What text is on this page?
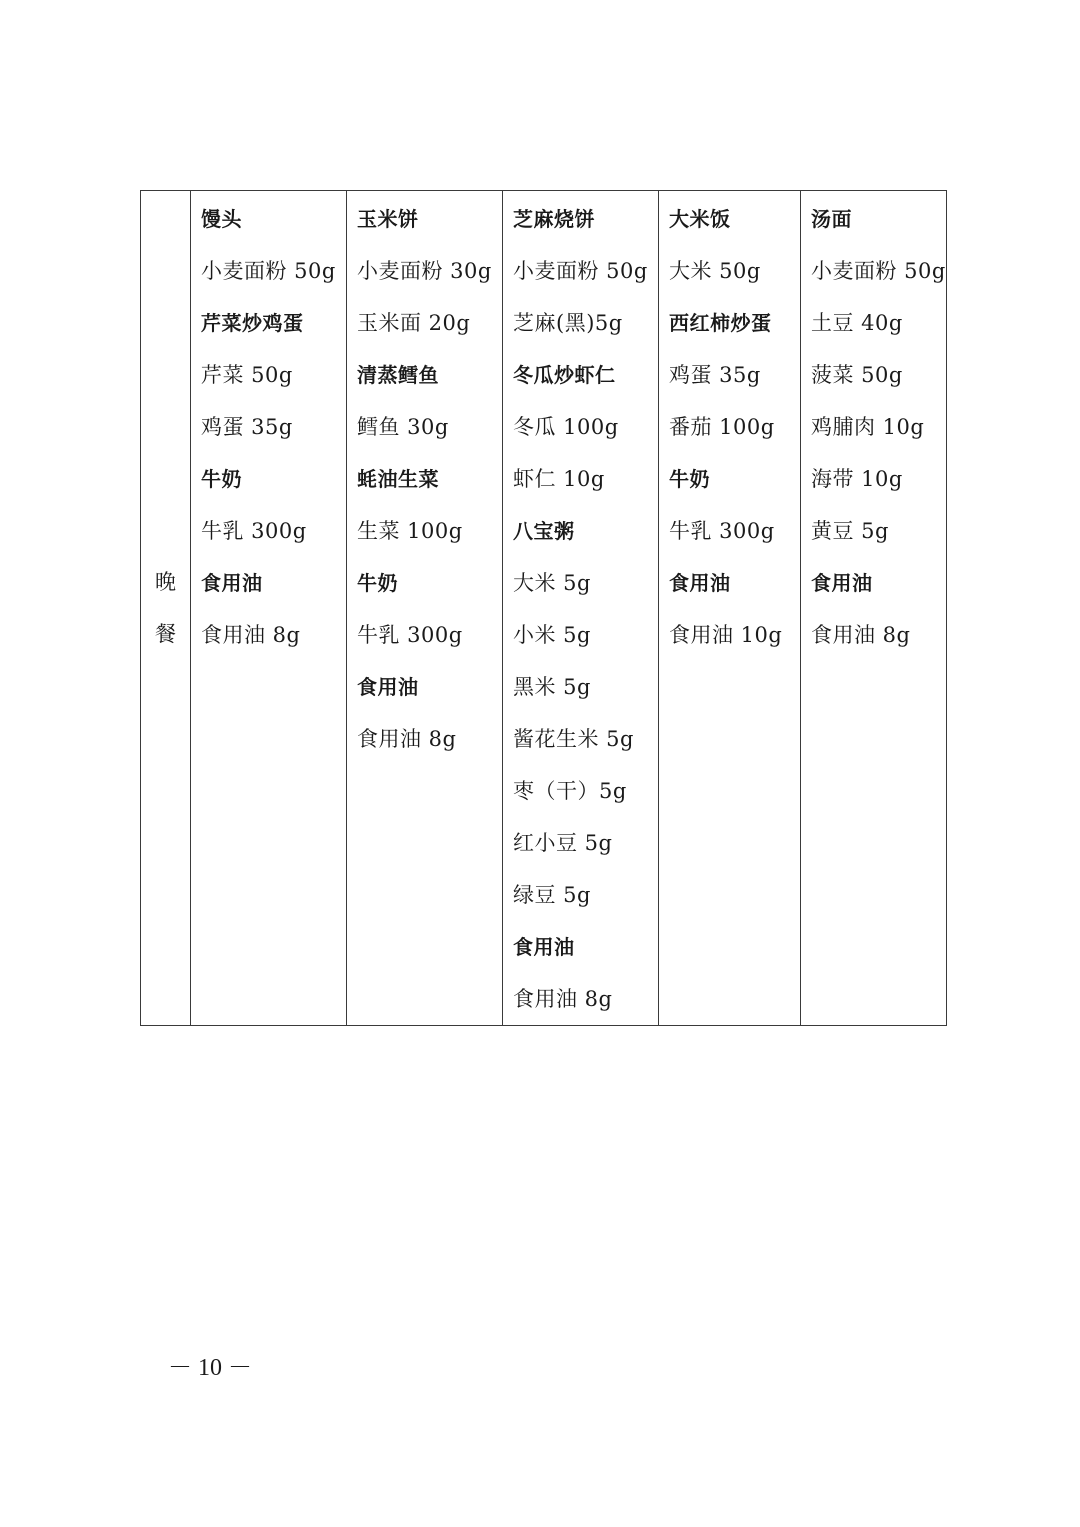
晚餐	
馒头
小麦面粉 50g
芹菜炒鸡蛋
芹菜 50g
鸡蛋 35g
牛奶
牛乳 300g
食用油
食用油 8g

玉米饼
小麦面粉 30g
玉米面 20g
清蒸鳕鱼
鳕鱼 30g
蚝油生菜
生菜 100g
牛奶
牛乳 300g
食用油
食用油 8g

芝麻烧饼
小麦面粉 50g
芝麻(黑)5g
冬瓜炒虾仁
冬瓜 100g
虾仁 10g
八宝粥
大米 5g
小米 5g
黑米 5g
酱花生米 5g
枣（干）5g
红小豆 5g
绿豆 5g
食用油
食用油 8g

大米饭
大米 50g
西红柿炒蛋
鸡蛋 35g
番茄 100g
牛奶
牛乳 300g
食用油
食用油 10g

汤面
小麦面粉 50g
土豆 40g
菠菜 50g
鸡脯肉 10g
海带 10g
黄豆 5g
食用油
食用油 8g
－ 10 －
